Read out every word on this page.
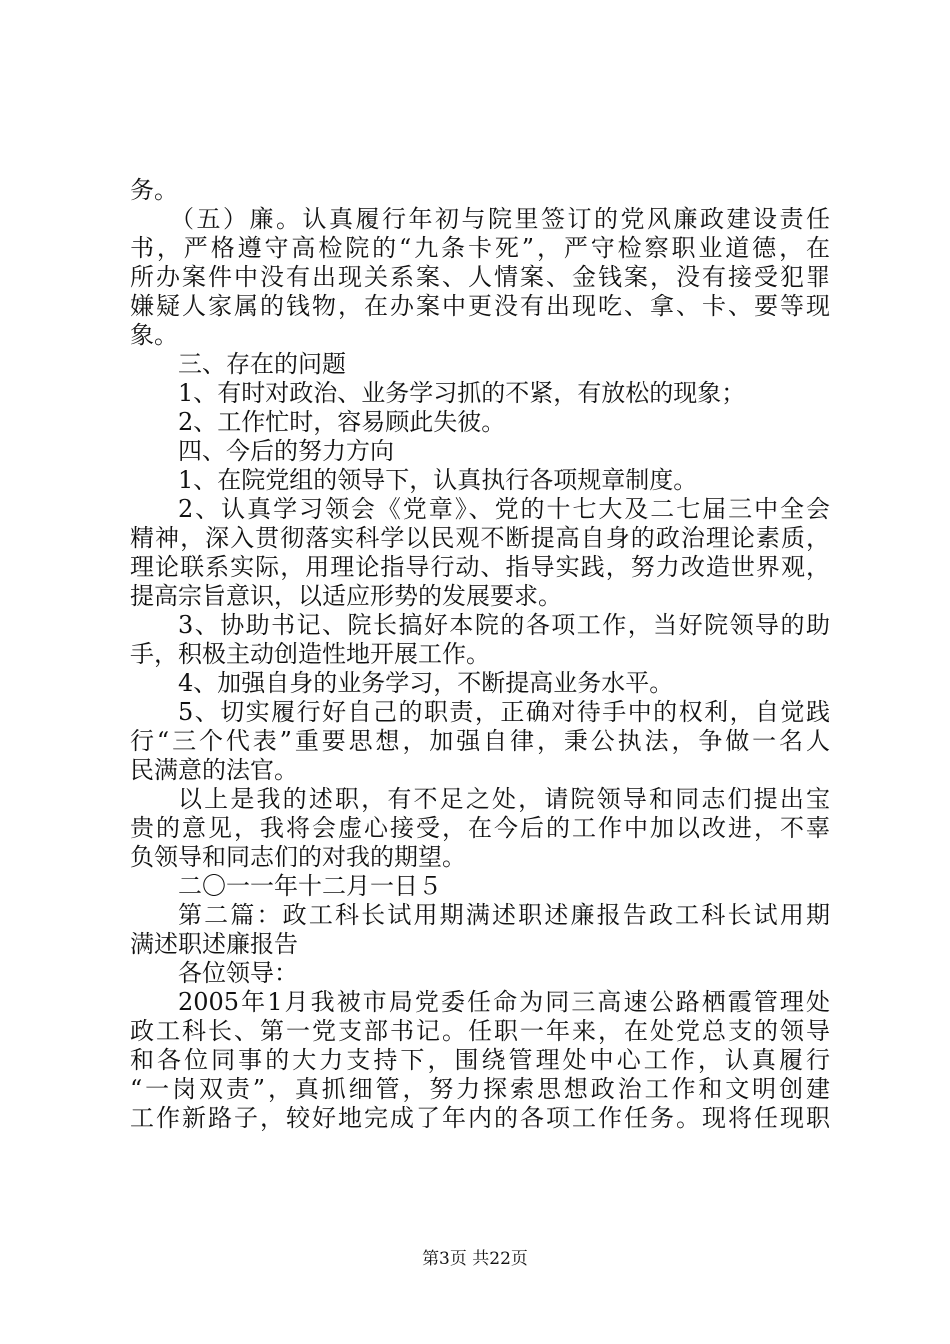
务。
（五）廉。认真履行年初与院里签订的党风廉政建设责任
书，严格遵守高检院的“九条卡死”，严守检察职业道德，在
所办案件中没有出现关系案、人情案、金钱案，没有接受犯罪
嫌疑人家属的钱物，在办案中更没有出现吃、拿、卡、要等现
象。
三、存在的问题
1、有时对政治、业务学习抓的不紧，有放松的现象；
2、工作忙时，容易顾此失彼。
四、今后的努力方向
1、在院党组的领导下，认真执行各项规章制度。
2、认真学习领会《党章》、党的十七大及二七届三中全会
精神，深入贯彻落实科学以民观不断提高自身的政治理论素质，
理论联系实际，用理论指导行动、指导实践，努力改造世界观，
提高宗旨意识，以适应形势的发展要求。
3、协助书记、院长搞好本院的各项工作，当好院领导的助
手，积极主动创造性地开展工作。
4、加强自身的业务学习，不断提高业务水平。
5、切实履行好自己的职责，正确对待手中的权利，自觉践
行“三个代表”重要思想，加强自律，秉公执法，争做一名人
民满意的法官。
以上是我的述职，有不足之处，请院领导和同志们提出宝
贵的意见，我将会虚心接受，在今后的工作中加以改进，不辜
负领导和同志们的对我的期望。
二〇一一年十二月一日５
第二篇：政工科长试用期满述职述廉报告政工科长试用期
满述职述廉报告
各位领导：
2005年1月我被市局党委任命为同三高速公路栖霞管理处
政工科长、第一党支部书记。任职一年来，在处党总支的领导
和各位同事的大力支持下，围绕管理处中心工作，认真履行
“一岗双责”，真抓细管，努力探索思想政治工作和文明创建
工作新路子，较好地完成了年内的各项工作任务。现将任现职
第3页 共22页
